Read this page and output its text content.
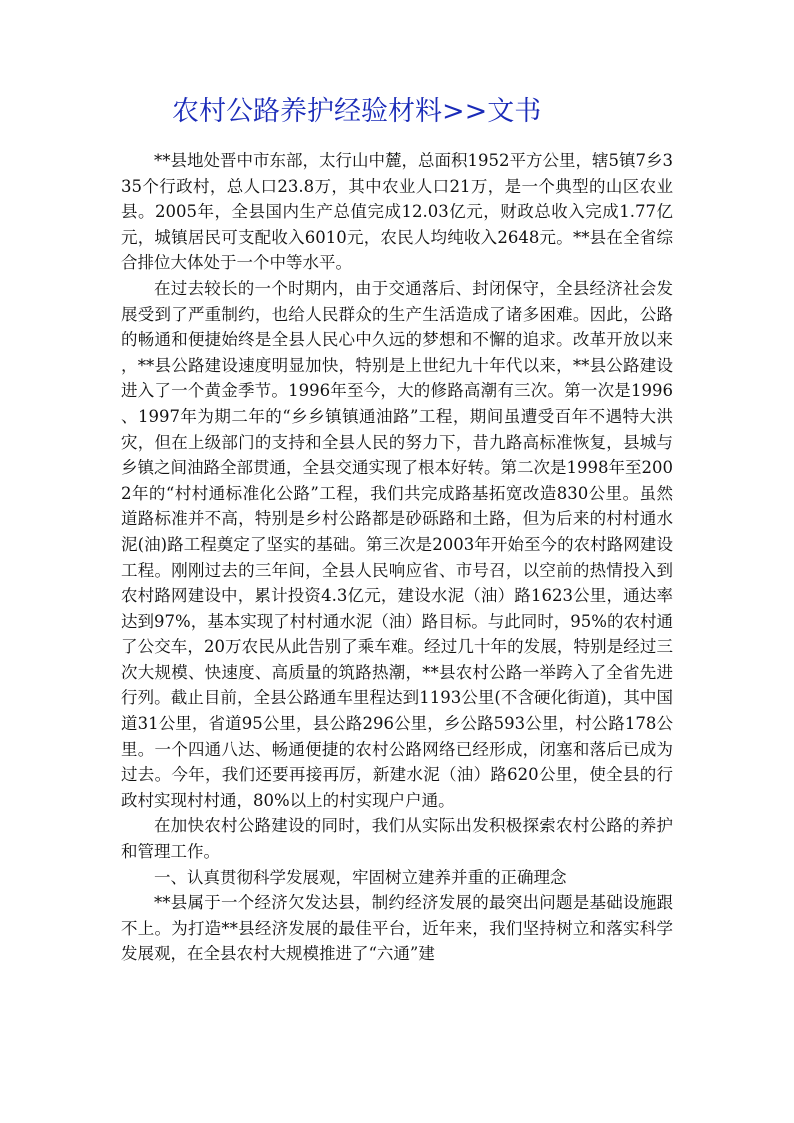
农村公路养护经验材料>>文书

**县地处晋中市东部，太行山中麓，总面积1952平方公里，辖5镇7乡335个行政村，总人口23.8万，其中农业人口21万，是一个典型的山区农业县。2005年，全县国内生产总值完成12.03亿元，财政总收入完成1.77亿元，城镇居民可支配收入6010元，农民人均纯收入2648元。**县在全省综合排位大体处于一个中等水平。

在过去较长的一个时期内，由于交通落后、封闭保守，全县经济社会发展受到了严重制约，也给人民群众的生产生活造成了诸多困难。因此，公路的畅通和便捷始终是全县人民心中久远的梦想和不懈的追求。改革开放以来，**县公路建设速度明显加快，特别是上世纪九十年代以来，**县公路建设进入了一个黄金季节。1996年至今，大的修路高潮有三次。第一次是1996、1997年为期二年的“乡乡镇镇通油路”工程，期间虽遭受百年不遇特大洪灾，但在上级部门的支持和全县人民的努力下，昔九路高标准恢复，县城与乡镇之间油路全部贯通，全县交通实现了根本好转。第二次是1998年至2002年的“村村通标准化公路”工程，我们共完成路基拓宽改造830公里。虽然道路标准并不高，特别是乡村公路都是砂砾路和土路，但为后来的村村通水泥(油)路工程奠定了坚实的基础。第三次是2003年开始至今的农村路网建设工程。刚刚过去的三年间，全县人民响应省、市号召，以空前的热情投入到农村路网建设中，累计投资4.3亿元，建设水泥（油）路1623公里，通达率达到97%，基本实现了村村通水泥（油）路目标。与此同时，95%的农村通了公交车，20万农民从此告别了乘车难。经过几十年的发展，特别是经过三次大规模、快速度、高质量的筑路热潮，**县农村公路一举跨入了全省先进行列。截止目前，全县公路通车里程达到1193公里(不含硬化街道)，其中国道31公里，省道95公里，县公路296公里，乡公路593公里，村公路178公里。一个四通八达、畅通便捷的农村公路网络已经形成，闭塞和落后已成为过去。今年，我们还要再接再厉，新建水泥（油）路620公里，使全县的行政村实现村村通，80%以上的村实现户户通。

在加快农村公路建设的同时，我们从实际出发积极探索农村公路的养护和管理工作。

一、认真贯彻科学发展观，牢固树立建养并重的正确理念

**县属于一个经济欠发达县，制约经济发展的最突出问题是基础设施跟不上。为打造**县经济发展的最佳平台，近年来，我们坚持树立和落实科学发展观，在全县农村大规模推进了“六通”建
